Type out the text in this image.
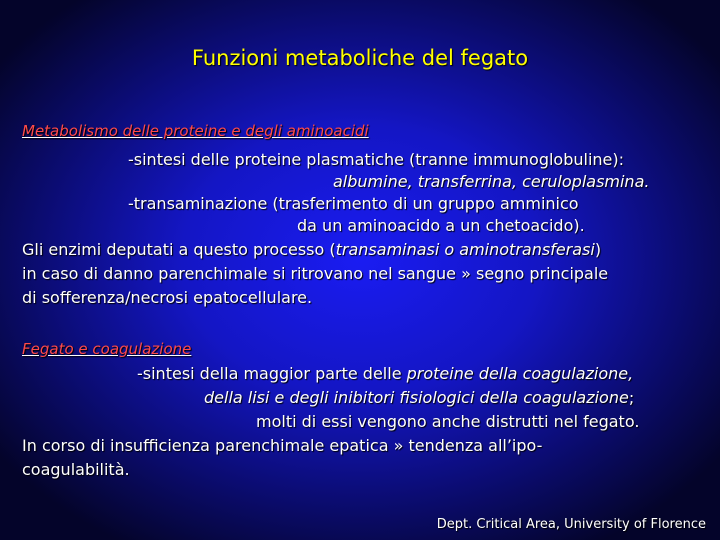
Funzioni metaboliche del fegato
Metabolismo delle proteine e degli aminoacidi
-sintesi delle proteine plasmatiche (tranne immunoglobuline):
albumine, transferrina, ceruloplasmina.
-transaminazione (trasferimento di un gruppo amminico
da un aminoacido a un chetoacido).
Gli enzimi deputati a questo processo (transaminasi o aminotransferasi)
in caso di danno parenchimale si ritrovano nel sangue » segno principale
di sofferenza/necrosi epatocellulare.
Fegato e coagulazione
-sintesi della maggior parte delle proteine della coagulazione,
della lisi e degli inibitori fisiologici della coagulazione;
molti di essi vengono anche distrutti nel fegato.
In corso di insufficienza parenchimale epatica » tendenza all’ipo-
coagulabilità.
Dept. Critical Area, University of Florence
